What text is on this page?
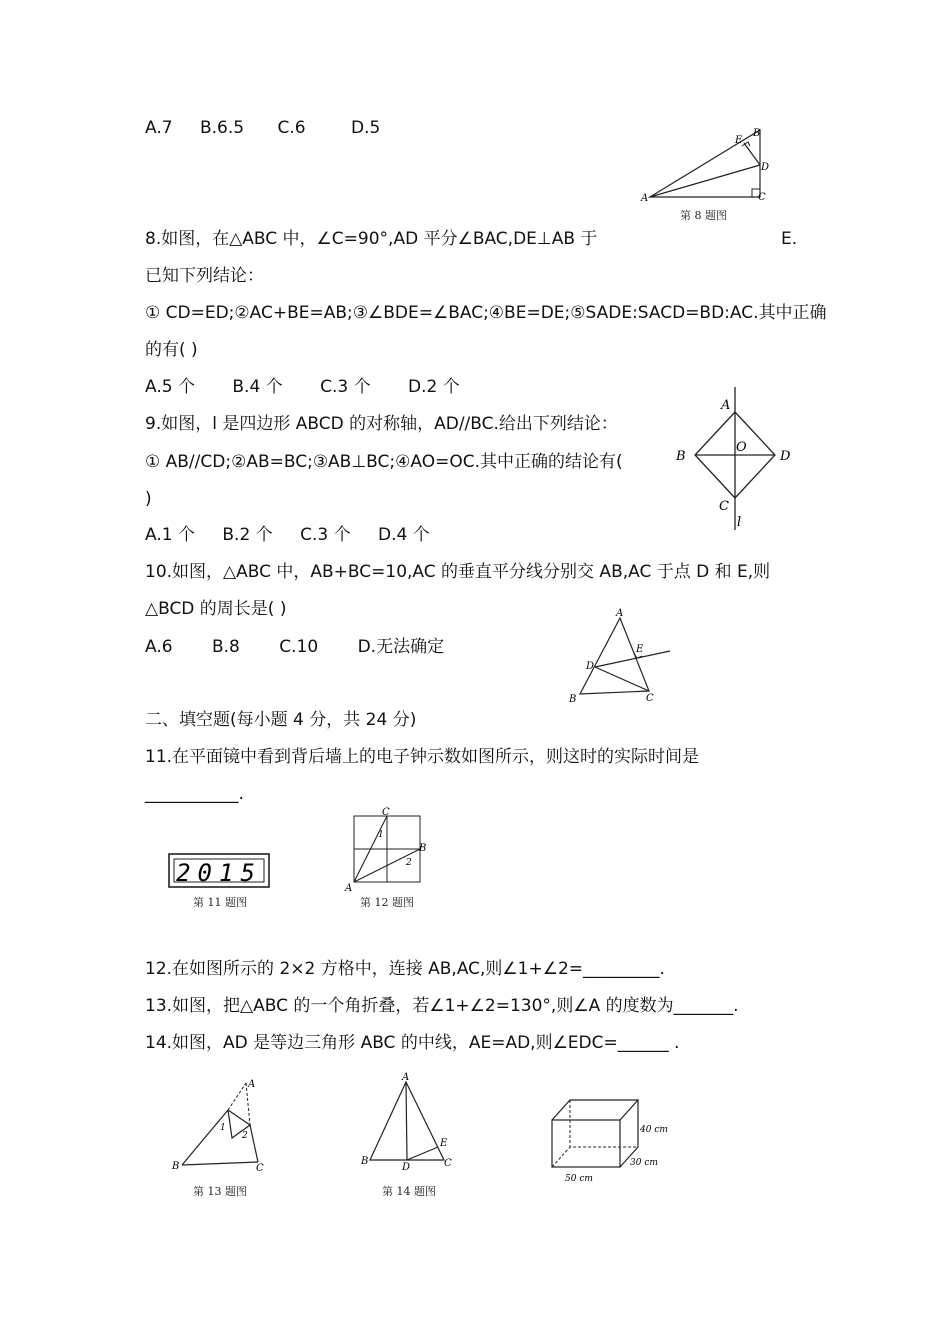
A.7 B.6.5 C.6	D.5
A
B
C
D
E
第 8 题图
8.如图，在△ABC 中，∠C=90°,AD 平分∠BAC,DE⊥AB 于	E.
已知下列结论：
① CD=ED;②AC+BE=AB;③∠BDE=∠BAC;④BE=DE;⑤SADE:SACD=BD:AC.其中正确
的有( )
A.5 个 B.4 个 C.3 个 D.2 个
A
B
C
D
O
l
9.如图，l 是四边形 ABCD 的对称轴，AD//BC.给出下列结论：
① AB//CD;②AB=BC;③AB⊥BC;④AO=OC.其中正确的结论有(
)
A.1 个 B.2 个 C.3 个 D.4 个
10.如图，△ABC 中，AB+BC=10,AC 的垂直平分线分别交 AB,AC 于点 D 和 E,则
△BCD 的周长是( )
A.6 B.8 C.10 D.无法确定
A
B	C
D
E
二、填空题(每小题 4 分，共 24 分)
11.在平面镜中看到背后墙上的电子钟示数如图所示，则这时的实际时间是
___________.
2015
第 11 题图
A
B
C
1
2
第 12 题图
12.在如图所示的 2×2 方格中，连接 AB,AC,则∠1+∠2=_________.
13.如图，把△ABC 的一个角折叠，若∠1+∠2=130°,则∠A 的度数为_______.
14.如图，AD 是等边三角形 ABC 的中线，AE=AD,则∠EDC=______ .
A
B	C
1
2
第 13 题图
A
B	C
D
E
第 14 题图
40 cm
30 cm
50 cm
